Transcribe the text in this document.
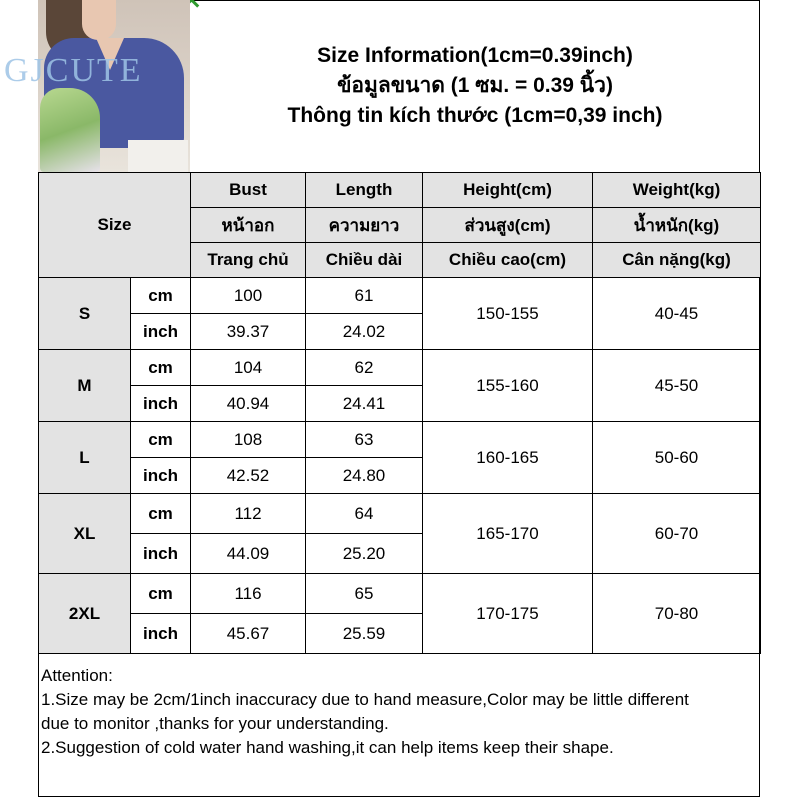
GJCUTE	Size Information(1cm=0.39inch)
ข้อมูลขนาด (1 ซม. = 0.39 นิ้ว)
Thông tin kích thước (1cm=0,39 inch)
Size		Bust	Length	Height(cm)	Weight(kg)
		หน้าอก	ความยาว	ส่วนสูง(cm)	น้ำหนัก(kg)
		Trang chủ	Chiều dài	Chiều cao(cm)	Cân nặng(kg)
S	cm	100	61	150-155	40-45
	inch	39.37	24.02		
M	cm	104	62	155-160	45-50
	inch	40.94	24.41		
L	cm	108	63	160-165	50-60
	inch	42.52	24.80		
XL	cm	112	64	165-170	60-70
	inch	44.09	25.20		
2XL	cm	116	65	170-175	70-80
	inch	45.67	25.59		
Attention:
1.Size may be 2cm/1inch inaccuracy due to hand measure,Color may be little different
due to monitor ,thanks for your understanding.
2.Suggestion of cold water hand washing,it can help items keep their shape.
